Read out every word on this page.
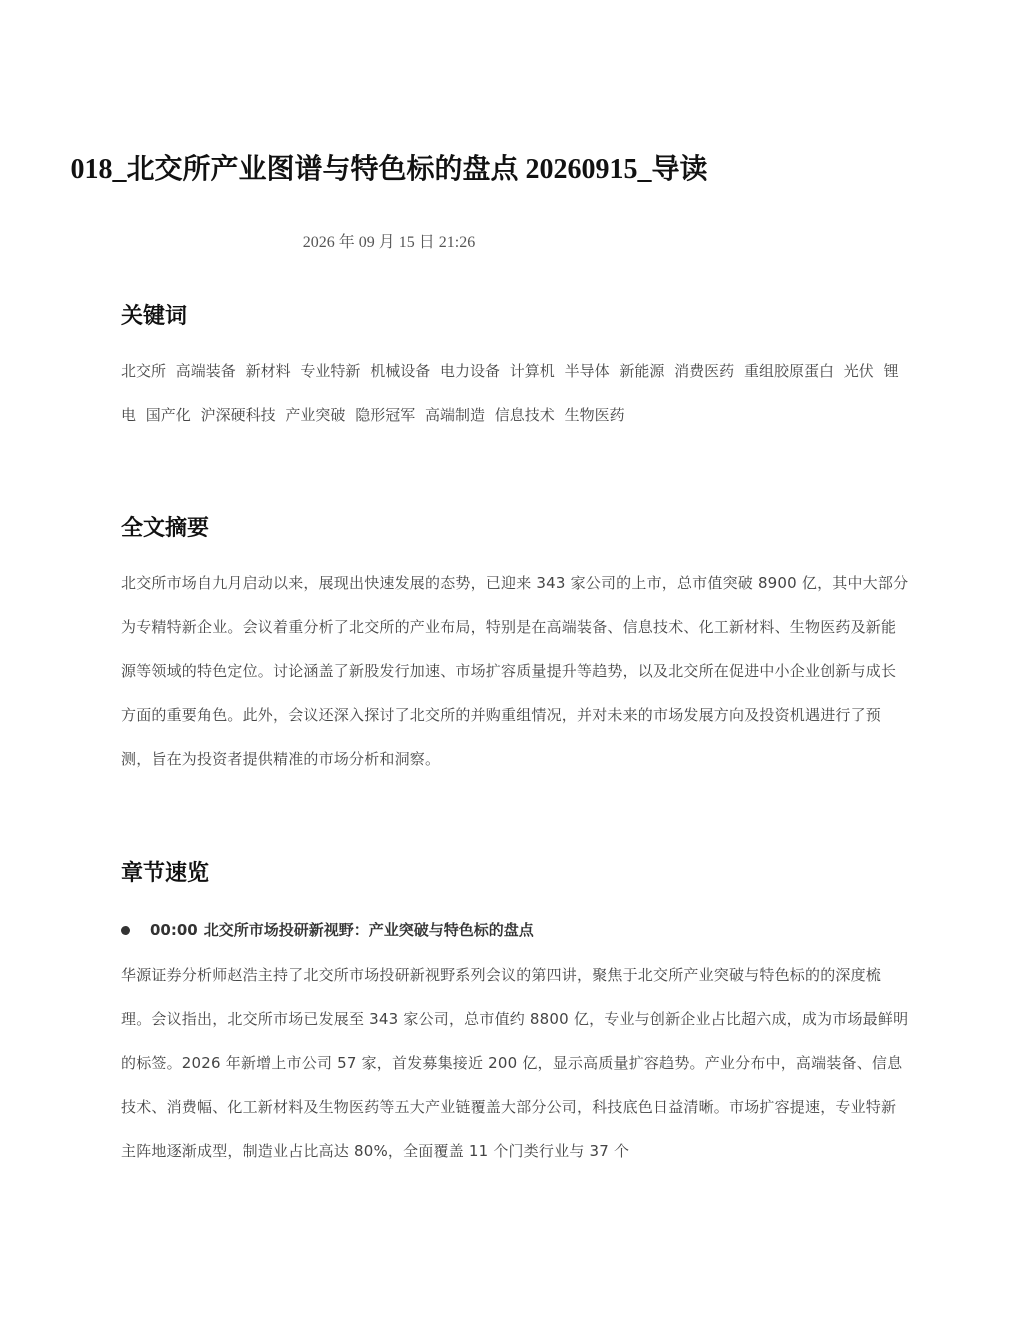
018_北交所产业图谱与特色标的盘点 20260915_导读
2026 年 09 月 15 日 21:26
关键词
北交所 高端装备 新材料 专业特新 机械设备 电力设备 计算机 半导体 新能源 消费医药 重组胶原蛋白 光伏 锂电 国产化 沪深硬科技 产业突破 隐形冠军 高端制造 信息技术 生物医药
全文摘要

北交所市场自九月启动以来，展现出快速发展的态势，已迎来 343 家公司的上市，总市值突破 8900 亿，其中大部分为专精特新企业。会议着重分析了北交所的产业布局，特别是在高端装备、信息技术、化工新材料、生物医药及新能源等领域的特色定位。讨论涵盖了新股发行加速、市场扩容质量提升等趋势，以及北交所在促进中小企业创新与成长方面的重要角色。此外，会议还深入探讨了北交所的并购重组情况，并对未来的市场发展方向及投资机遇进行了预测，旨在为投资者提供精准的市场分析和洞察。

章节速览
00:00 北交所市场投研新视野：产业突破与特色标的盘点

华源证券分析师赵浩主持了北交所市场投研新视野系列会议的第四讲，聚焦于北交所产业突破与特色标的的深度梳理。会议指出，北交所市场已发展至 343 家公司，总市值约 8800 亿，专业与创新企业占比超六成，成为市场最鲜明的标签。2026 年新增上市公司 57 家，首发募集接近 200 亿，显示高质量扩容趋势。产业分布中，高端装备、信息技术、消费幅、化工新材料及生物医药等五大产业链覆盖大部分公司，科技底色日益清晰。市场扩容提速，专业特新主阵地逐渐成型，制造业占比高达 80%，全面覆盖 11 个门类行业与 37 个
